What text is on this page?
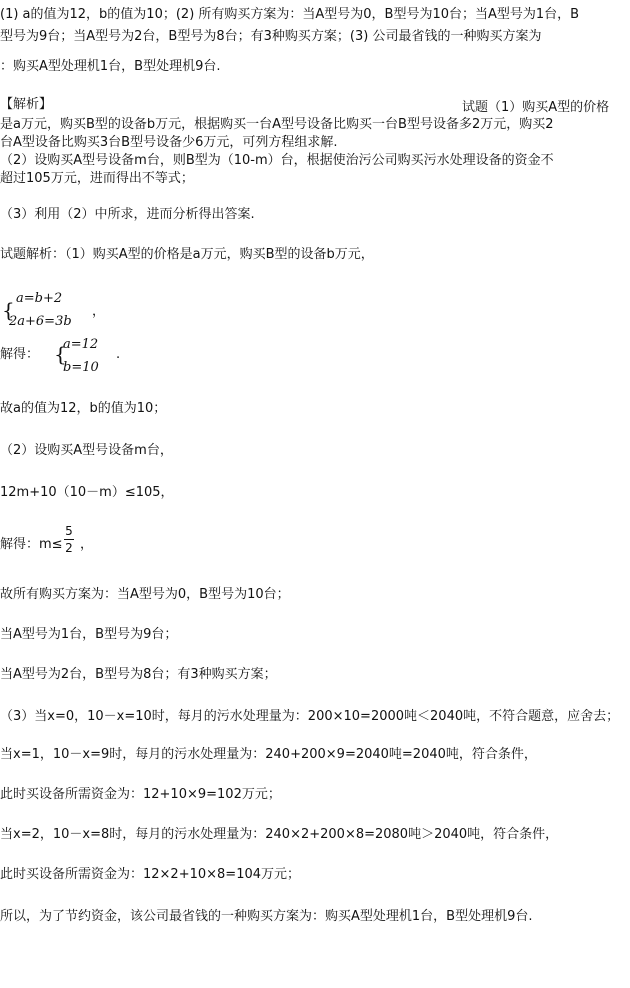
(1) a的值为12，b的值为10；(2) 所有购买方案为：当A型号为0，B型号为10台；当A型号为1台，B
型号为9台；当A型号为2台，B型号为8台；有3种购买方案；(3) 公司最省钱的一种购买方案为
：购买A型处理机1台，B型处理机9台.
【解析】	试题（1）购买A型的价格
是a万元，购买B型的设备b万元，根据购买一台A型号设备比购买一台B型号设备多2万元，购买2
台A型设备比购买3台B型号设备少6万元，可列方程组求解.
（2）设购买A型号设备m台，则B型为（10-m）台，根据使治污公司购买污水处理设备的资金不
超过105万元，进而得出不等式；
（3）利用（2）中所求，进而分析得出答案.
试题解析：（1）购买A型的价格是a万元，购买B型的设备b万元，
{ a=b+2
2a+6=3b
，
解得： {
a=12
b=10
.
故a的值为12，b的值为10；
（2）设购买A型号设备m台，
12m+10（10－m）≤105，
解得：m≤
5
2 ，
故所有购买方案为：当A型号为0，B型号为10台；
当A型号为1台，B型号为9台；
当A型号为2台，B型号为8台；有3种购买方案；
（3）当x=0，10－x=10时，每月的污水处理量为：200×10=2000吨＜2040吨，不符合题意，应舍去；
当x=1，10－x=9时，每月的污水处理量为：240+200×9=2040吨=2040吨，符合条件，
此时买设备所需资金为：12+10×9=102万元；
当x=2，10－x=8时，每月的污水处理量为：240×2+200×8=2080吨＞2040吨，符合条件，
此时买设备所需资金为：12×2+10×8=104万元；
所以，为了节约资金，该公司最省钱的一种购买方案为：购买A型处理机1台，B型处理机9台.
